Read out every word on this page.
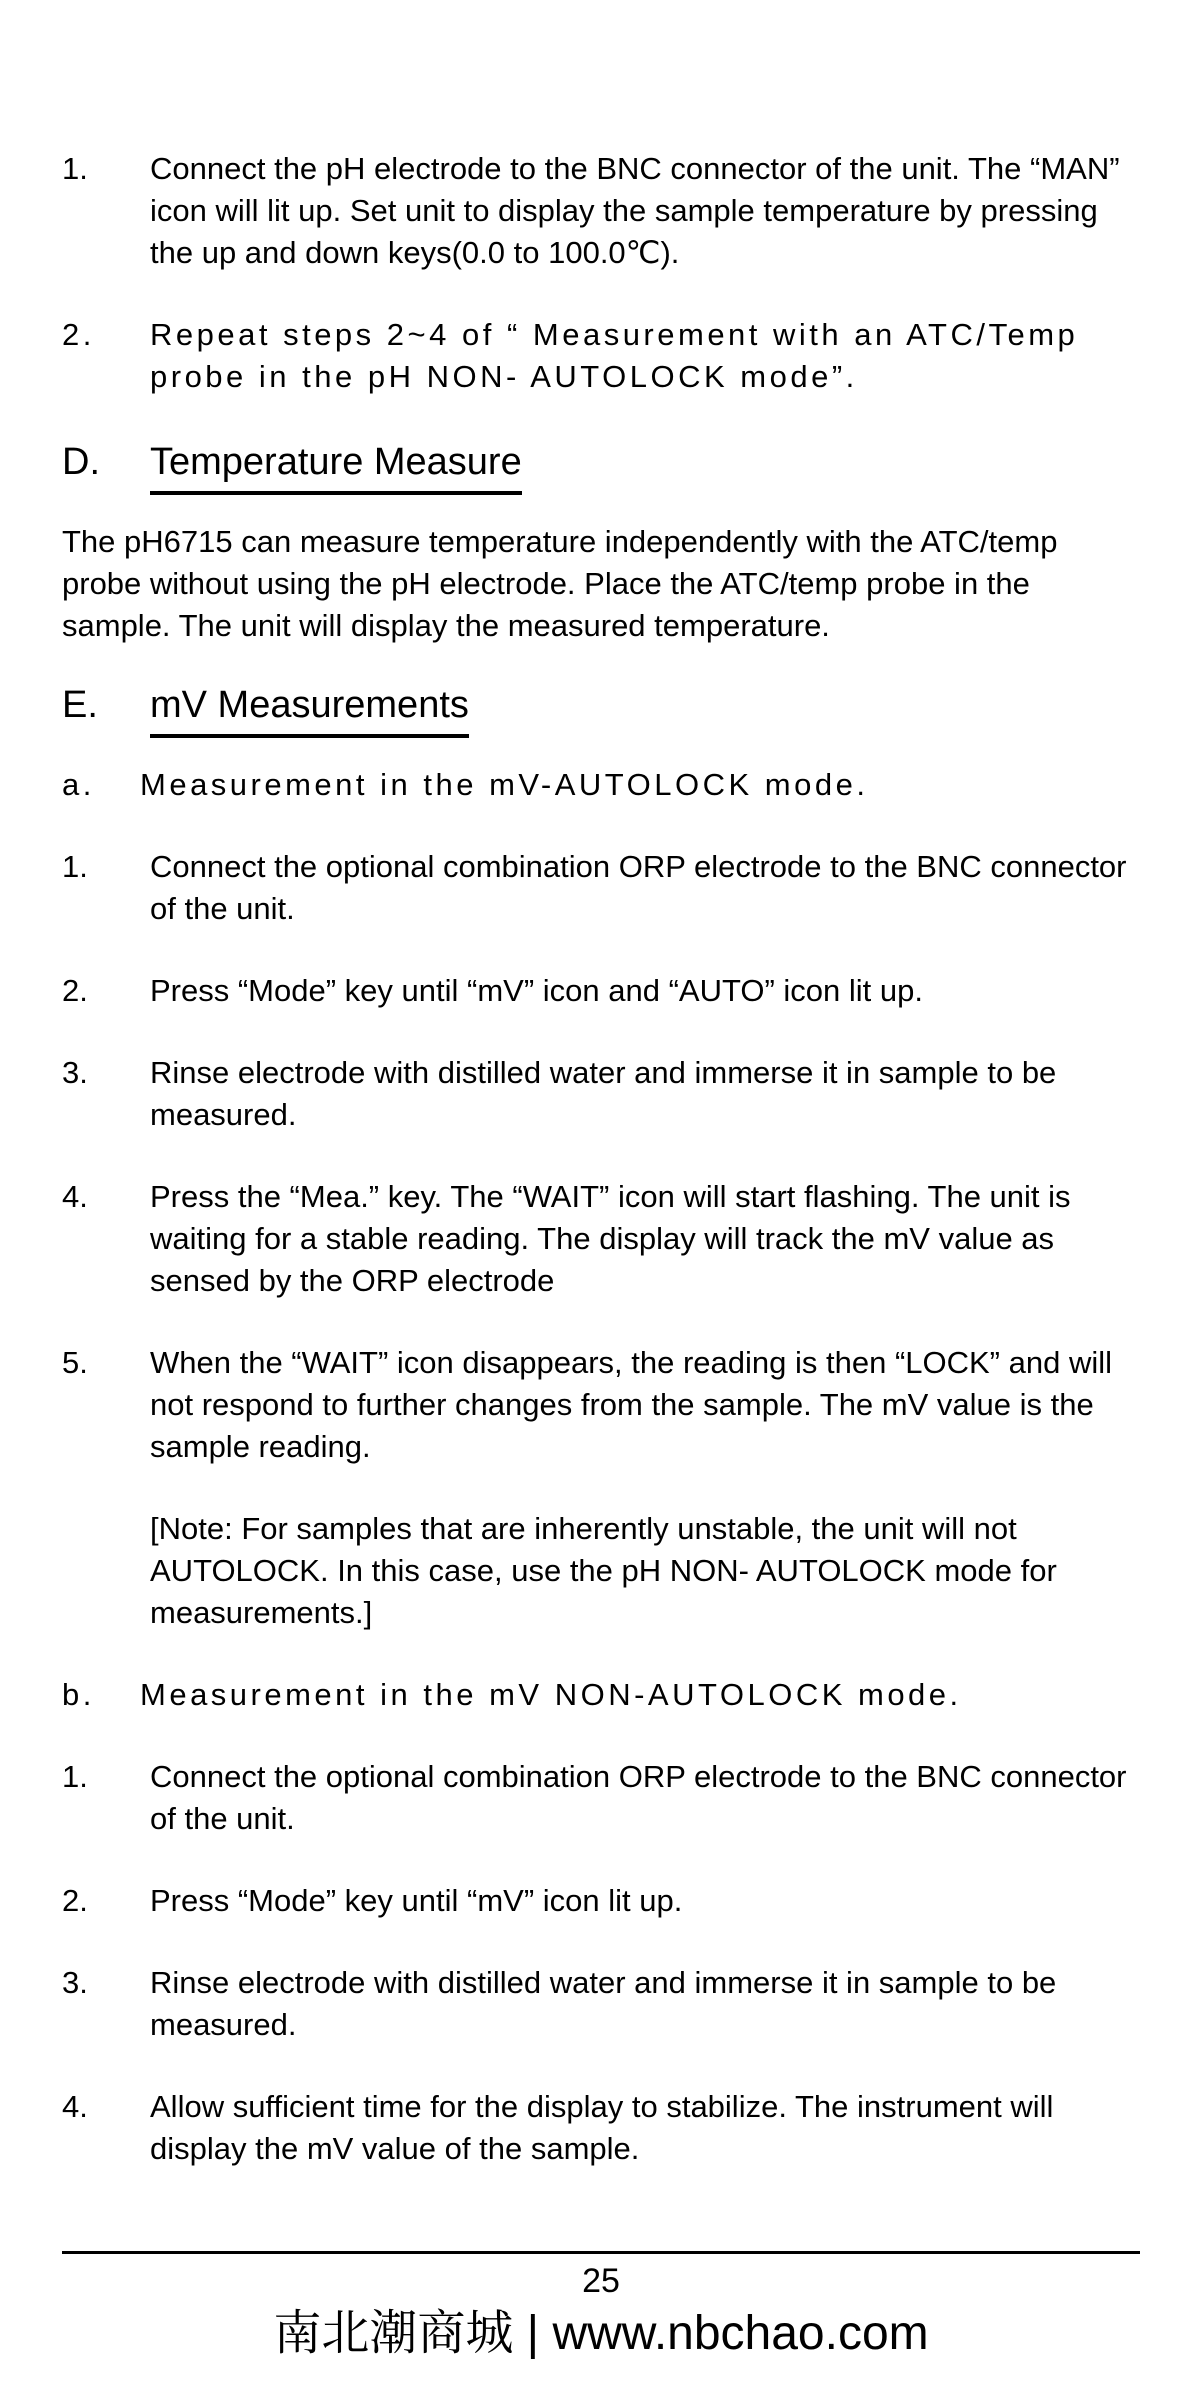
1.	Connect the pH electrode to the BNC connector of the unit. The “MAN” icon will lit up. Set unit to display the sample temperature by pressing the up and down keys(0.0 to 100.0℃).
2.	Repeat steps 2~4 of “ Measurement with an ATC/Temp probe in the pH NON- AUTOLOCK mode”.
D.	Temperature Measure
The pH6715 can measure temperature independently with the ATC/temp probe without using the pH electrode. Place the ATC/temp probe in the sample. The unit will display the measured temperature.
E.	mV Measurements
a.	Measurement in the mV-AUTOLOCK mode.
1.	Connect the optional combination ORP electrode to the BNC connector of the unit.
2.	Press “Mode” key until “mV” icon and “AUTO” icon lit up.
3.	Rinse electrode with distilled water and immerse it in sample to be measured.
4.	Press the “Mea.” key. The “WAIT” icon will start flashing. The unit is waiting for a stable reading. The display will track the mV value as sensed by the ORP electrode
5.	When the “WAIT” icon disappears, the reading is then “LOCK” and will not respond to further changes from the sample. The mV value is the sample reading.
[Note: For samples that are inherently unstable, the unit will not AUTOLOCK. In this case, use the pH NON- AUTOLOCK mode for measurements.]
b.	Measurement in the mV NON-AUTOLOCK mode.
1.	Connect the optional combination ORP electrode to the BNC connector of the unit.
2.	Press “Mode” key until “mV” icon lit up.
3.	Rinse electrode with distilled water and immerse it in sample to be measured.
4.	Allow sufficient time for the display to stabilize. The instrument will display the mV value of the sample.
25
南北潮商城 | www.nbchao.com
